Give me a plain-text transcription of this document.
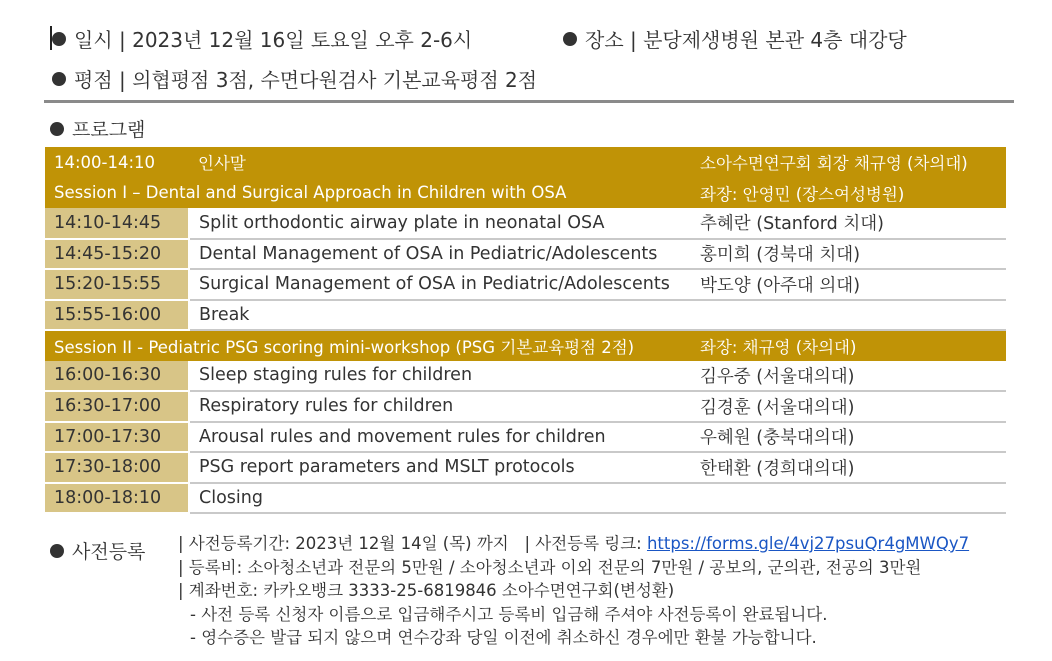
일시 | 2023년 12월 16일 토요일 오후 2-6시	장소 | 분당제생병원 본관 4층 대강당
평점 | 의협평점 3점, 수면다원검사 기본교육평점 2점
프로그램
14:00-14:10	인사말	소아수면연구회 회장 채규영 (차의대)
Session I – Dental and Surgical Approach in Children with OSA		좌장: 안영민 (장스여성병원)
14:10-14:45	Split orthodontic airway plate in neonatal OSA	추혜란 (Stanford 치대)
14:45-15:20	Dental Management of OSA in Pediatric/Adolescents	홍미희 (경북대 치대)
15:20-15:55	Surgical Management of OSA in Pediatric/Adolescents	박도양 (아주대 의대)
15:55-16:00	Break	
Session II - Pediatric PSG scoring mini-workshop (PSG 기본교육평점 2점)		좌장: 채규영 (차의대)
16:00-16:30	Sleep staging rules for children	김우중 (서울대의대)
16:30-17:00	Respiratory rules for children	김경훈 (서울대의대)
17:00-17:30	Arousal rules and movement rules for children	우혜원 (충북대의대)
17:30-18:00	PSG report parameters and MSLT protocols	한태환 (경희대의대)
18:00-18:10	Closing	
사전등록 | 사전등록기간: 2023년 12월 14일 (목) 까지 | 사전등록 링크: https://forms.gle/4vj27psuQr4gMWQy7
| 등록비: 소아청소년과 전문의 5만원 / 소아청소년과 이외 전문의 7만원 / 공보의, 군의관, 전공의 3만원
| 계좌번호: 카카오뱅크 3333-25-6819846 소아수면연구회(변성환)
- 사전 등록 신청자 이름으로 입금해주시고 등록비 입금해 주셔야 사전등록이 완료됩니다.
- 영수증은 발급 되지 않으며 연수강좌 당일 이전에 취소하신 경우에만 환불 가능합니다.
